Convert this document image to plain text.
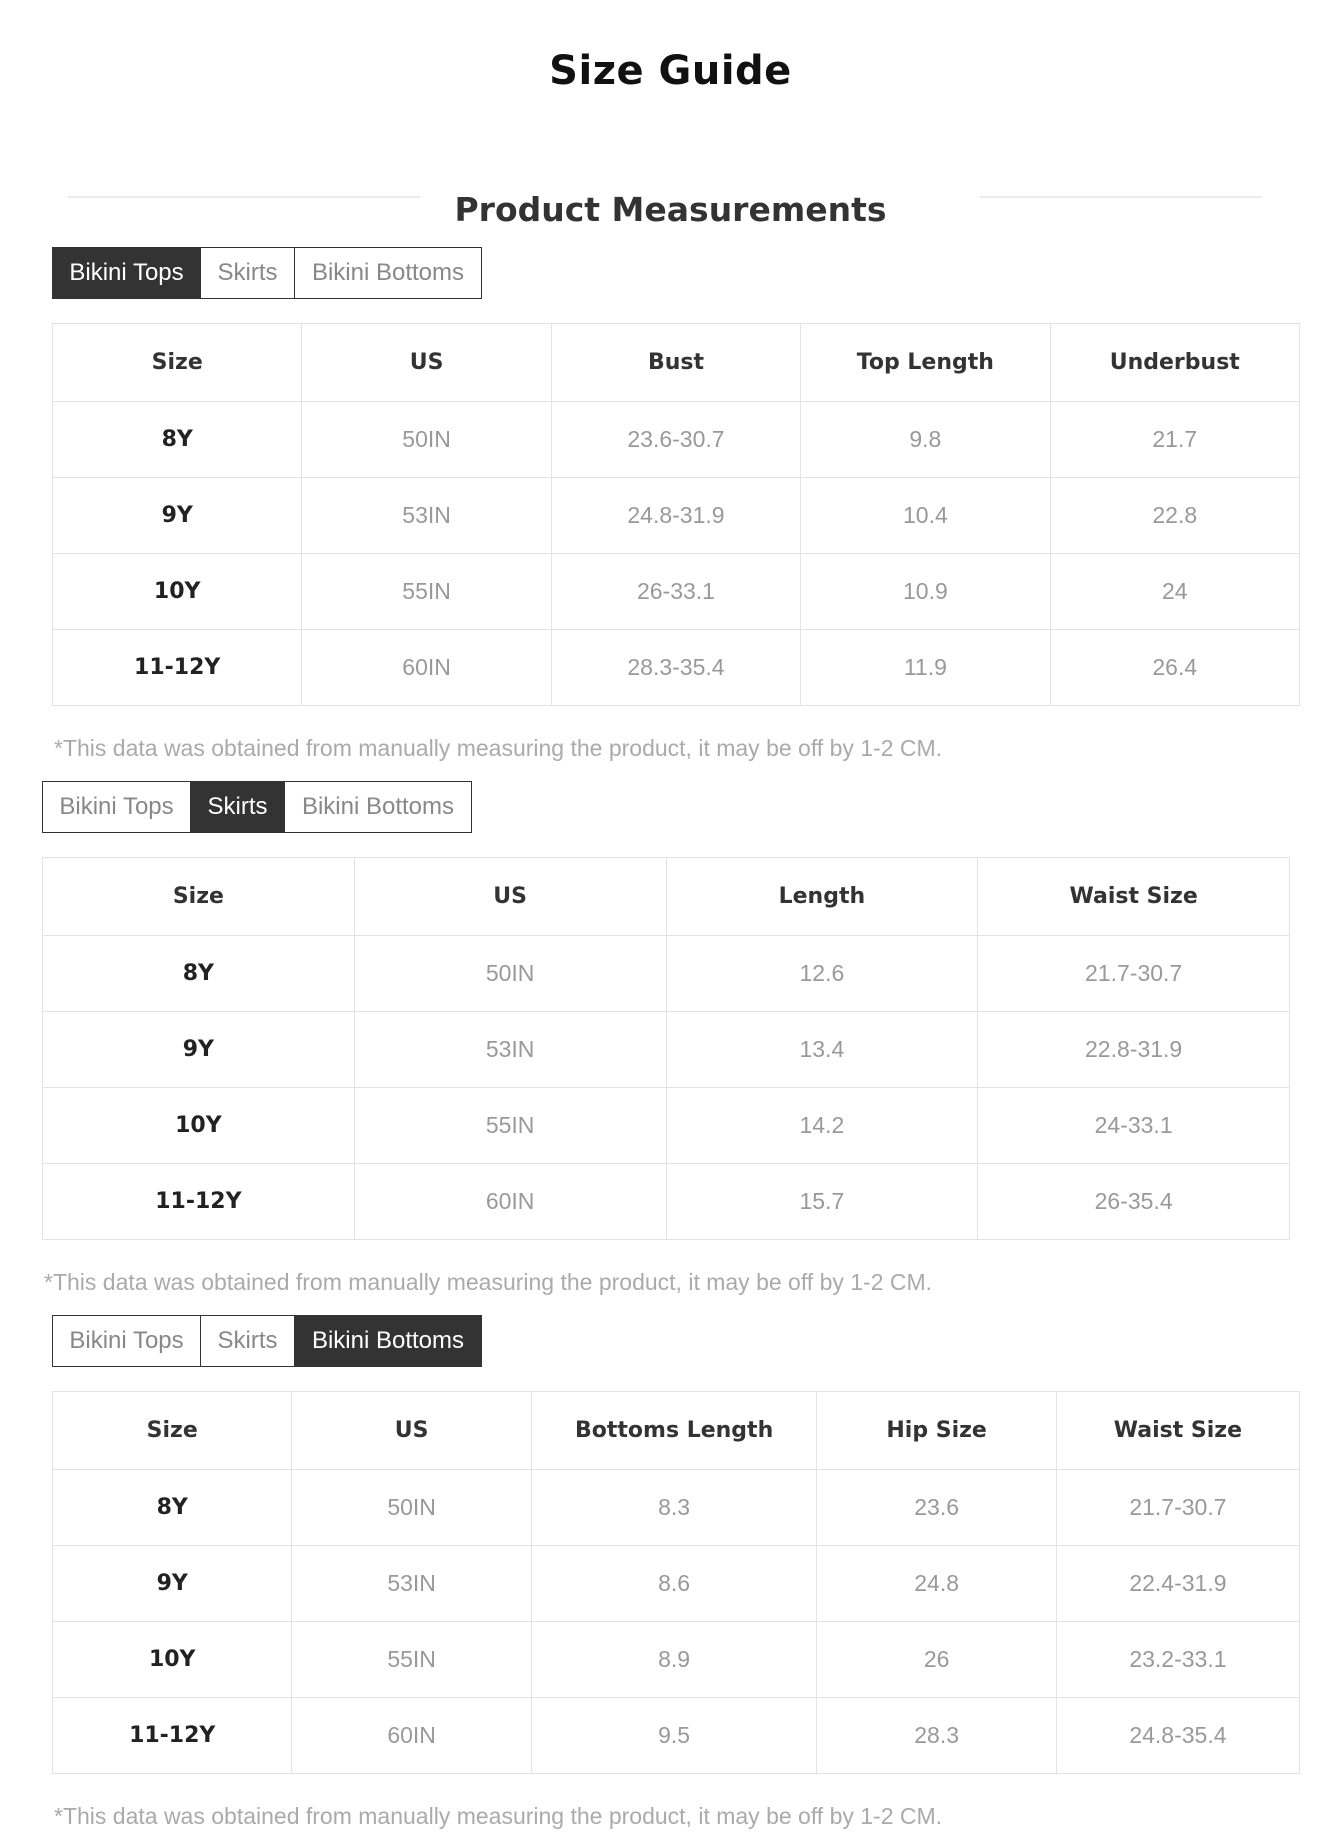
Size Guide
Product Measurements
Bikini Tops	Skirts	Bikini Bottoms
Size	US	Bust	Top Length	Underbust
8Y	50IN	23.6-30.7	9.8	21.7
9Y	53IN	24.8-31.9	10.4	22.8
10Y	55IN	26-33.1	10.9	24
11-12Y	60IN	28.3-35.4	11.9	26.4
*This data was obtained from manually measuring the product, it may be off by 1-2 CM.
Bikini Tops	Skirts	Bikini Bottoms
Size	US	Length	Waist Size
8Y	50IN	12.6	21.7-30.7
9Y	53IN	13.4	22.8-31.9
10Y	55IN	14.2	24-33.1
11-12Y	60IN	15.7	26-35.4
*This data was obtained from manually measuring the product, it may be off by 1-2 CM.
Bikini Tops	Skirts	Bikini Bottoms
Size	US	Bottoms Length	Hip Size	Waist Size
8Y	50IN	8.3	23.6	21.7-30.7
9Y	53IN	8.6	24.8	22.4-31.9
10Y	55IN	8.9	26	23.2-33.1
11-12Y	60IN	9.5	28.3	24.8-35.4
*This data was obtained from manually measuring the product, it may be off by 1-2 CM.
